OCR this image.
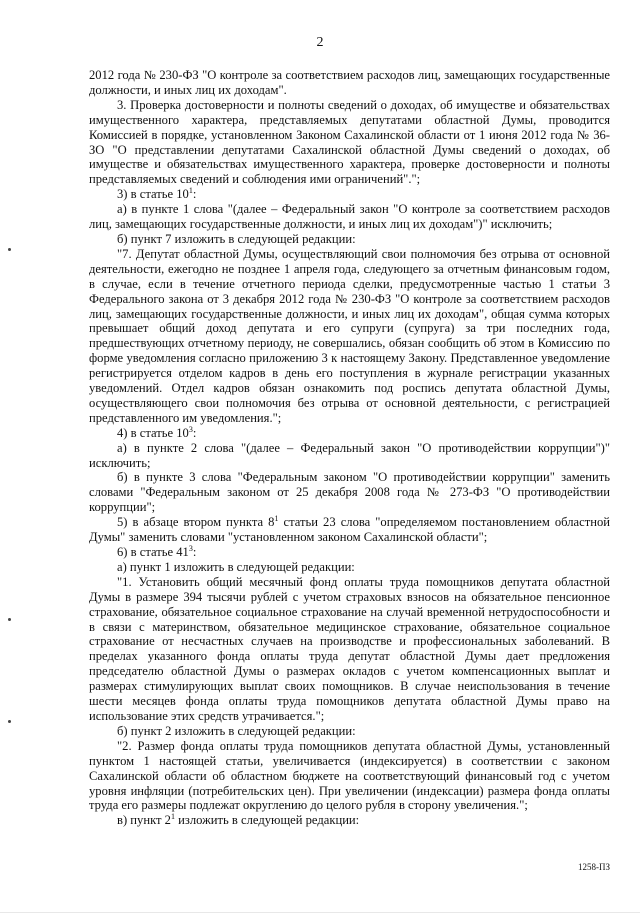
2

2012 года № 230-ФЗ "О контроле за соответствием расходов лиц, замещающих государственные должности, и иных лиц их доходам".

3. Проверка достоверности и полноты сведений о доходах, об имуществе и обязательствах имущественного характера, представляемых депутатами областной Думы, проводится Комиссией в порядке, установленном Законом Сахалинской области от 1 июня 2012 года № 36-ЗО "О представлении депутатами Сахалинской областной Думы сведений о доходах, об имуществе и обязательствах имущественного характера, проверке достоверности и полноты представляемых сведений и соблюдения ими ограничений".";

3) в статье $10^1$:

а) в пункте 1 слова "(далее – Федеральный закон "О контроле за соответствием расходов лиц, замещающих государственные должности, и иных лиц их доходам")" исключить;

б) пункт 7 изложить в следующей редакции:

"7. Депутат областной Думы, осуществляющий свои полномочия без отрыва от основной деятельности, ежегодно не позднее 1 апреля года, следующего за отчетным финансовым годом, в случае, если в течение отчетного периода сделки, предусмотренные частью 1 статьи 3 Федерального закона от 3 декабря 2012 года № 230-ФЗ "О контроле за соответствием расходов лиц, замещающих государственные должности, и иных лиц их доходам", общая сумма которых превышает общий доход депутата и его супруги (супруга) за три последних года, предшествующих отчетному периоду, не совершались, обязан сообщить об этом в Комиссию по форме уведомления согласно приложению 3 к настоящему Закону. Представленное уведомление регистрируется отделом кадров в день его поступления в журнале регистрации указанных уведомлений. Отдел кадров обязан ознакомить под роспись депутата областной Думы, осуществляющего свои полномочия без отрыва от основной деятельности, с регистрацией представленного им уведомления.";

4) в статье $10^3$:

а) в пункте 2 слова "(далее – Федеральный закон "О противодействии коррупции")" исключить;

б) в пункте 3 слова "Федеральным законом "О противодействии коррупции" заменить словами "Федеральным законом от 25 декабря 2008 года № 273-ФЗ "О противодействии коррупции";

5) в абзаце втором пункта $8^1$ статьи 23 слова "определяемом постановлением областной Думы" заменить словами "установленном законом Сахалинской области";

6) в статье $41^3$:

а) пункт 1 изложить в следующей редакции:

"1. Установить общий месячный фонд оплаты труда помощников депутата областной Думы в размере 394 тысячи рублей с учетом страховых взносов на обязательное пенсионное страхование, обязательное социальное страхование на случай временной нетрудоспособности и в связи с материнством, обязательное медицинское страхование, обязательное социальное страхование от несчастных случаев на производстве и профессиональных заболеваний. В пределах указанного фонда оплаты труда депутат областной Думы дает предложения председателю областной Думы о размерах окладов с учетом компенсационных выплат и размерах стимулирующих выплат своих помощников. В случае неиспользования в течение шести месяцев фонда оплаты труда помощников депутата областной Думы право на использование этих средств утрачивается.";

б) пункт 2 изложить в следующей редакции:

"2. Размер фонда оплаты труда помощников депутата областной Думы, установленный пунктом 1 настоящей статьи, увеличивается (индексируется) в соответствии с законом Сахалинской области об областном бюджете на соответствующий финансовый год с учетом уровня инфляции (потребительских цен). При увеличении (индексации) размера фонда оплаты труда его размеры подлежат округлению до целого рубля в сторону увеличения.";

в) пункт $2^1$ изложить в следующей редакции:

1258-ПЗ
